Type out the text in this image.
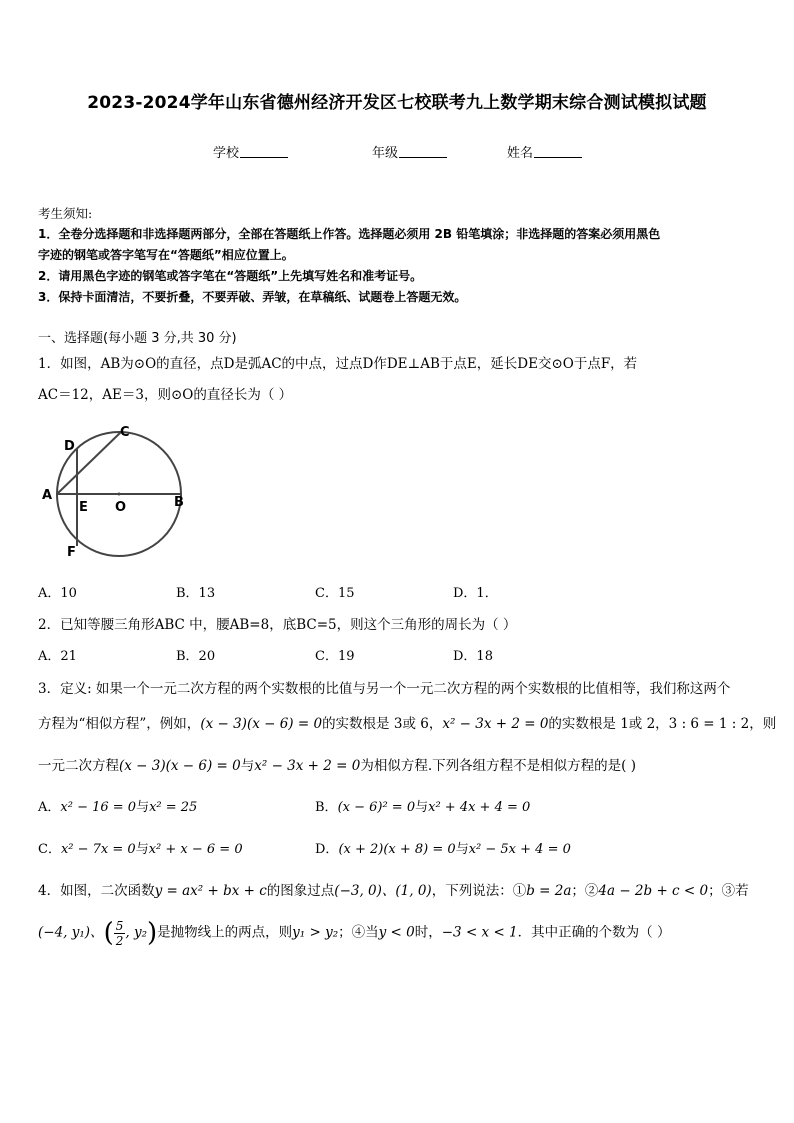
2023-2024学年山东省德州经济开发区七校联考九上数学期末综合测试模拟试题
学校	年级	姓名
考生须知:
1．全卷分选择题和非选择题两部分，全部在答题纸上作答。选择题必须用 2B 铅笔填涂；非选择题的答案必须用黑色
字迹的钢笔或答字笔写在“答题纸”相应位置上。
2．请用黑色字迹的钢笔或答字笔在“答题纸”上先填写姓名和准考证号。
3．保持卡面清洁，不要折叠，不要弄破、弄皱，在草稿纸、试题卷上答题无效。
一、选择题(每小题 3 分,共 30 分)
1．如图，AB为⊙O的直径，点D是弧AC的中点，过点D作DE⊥AB于点E，延长DE交⊙O于点F，若
AC＝12，AE＝3，则⊙O的直径长为（ ）
A	B
C
D
E O
F
A．10	B．13	C．15	D．1．
2．已知等腰三角形ABC 中，腰AB=8，底BC=5，则这个三角形的周长为（ ）
A．21	B．20	C．19	D．18
3．定义: 如果一个一元二次方程的两个实数根的比值与另一个一元二次方程的两个实数根的比值相等，我们称这两个
方程为“相似方程”，例如，(x − 3)(x − 6) = 0的实数根是 3或 6，x² − 3x + 2 = 0的实数根是 1或 2，3 : 6 = 1 : 2，则
一元二次方程(x − 3)(x − 6) = 0与x² − 3x + 2 = 0为相似方程.下列各组方程不是相似方程的是( )
A．x² − 16 = 0与x² = 25	B．(x − 6)² = 0与x² + 4x + 4 = 0
C．x² − 7x = 0与x² + x − 6 = 0	D．(x + 2)(x + 8) = 0与x² − 5x + 4 = 0
4．如图，二次函数y = ax² + bx + c的图象过点(−3, 0)、(1, 0)，下列说法：①b = 2a；②4a − 2b + c < 0；③若
(−4, y₁)、( $\frac{5}{2}$ , y₂)是抛物线上的两点，则y₁ > y₂；④当y < 0时，−3 < x < 1．其中正确的个数为（ ）
